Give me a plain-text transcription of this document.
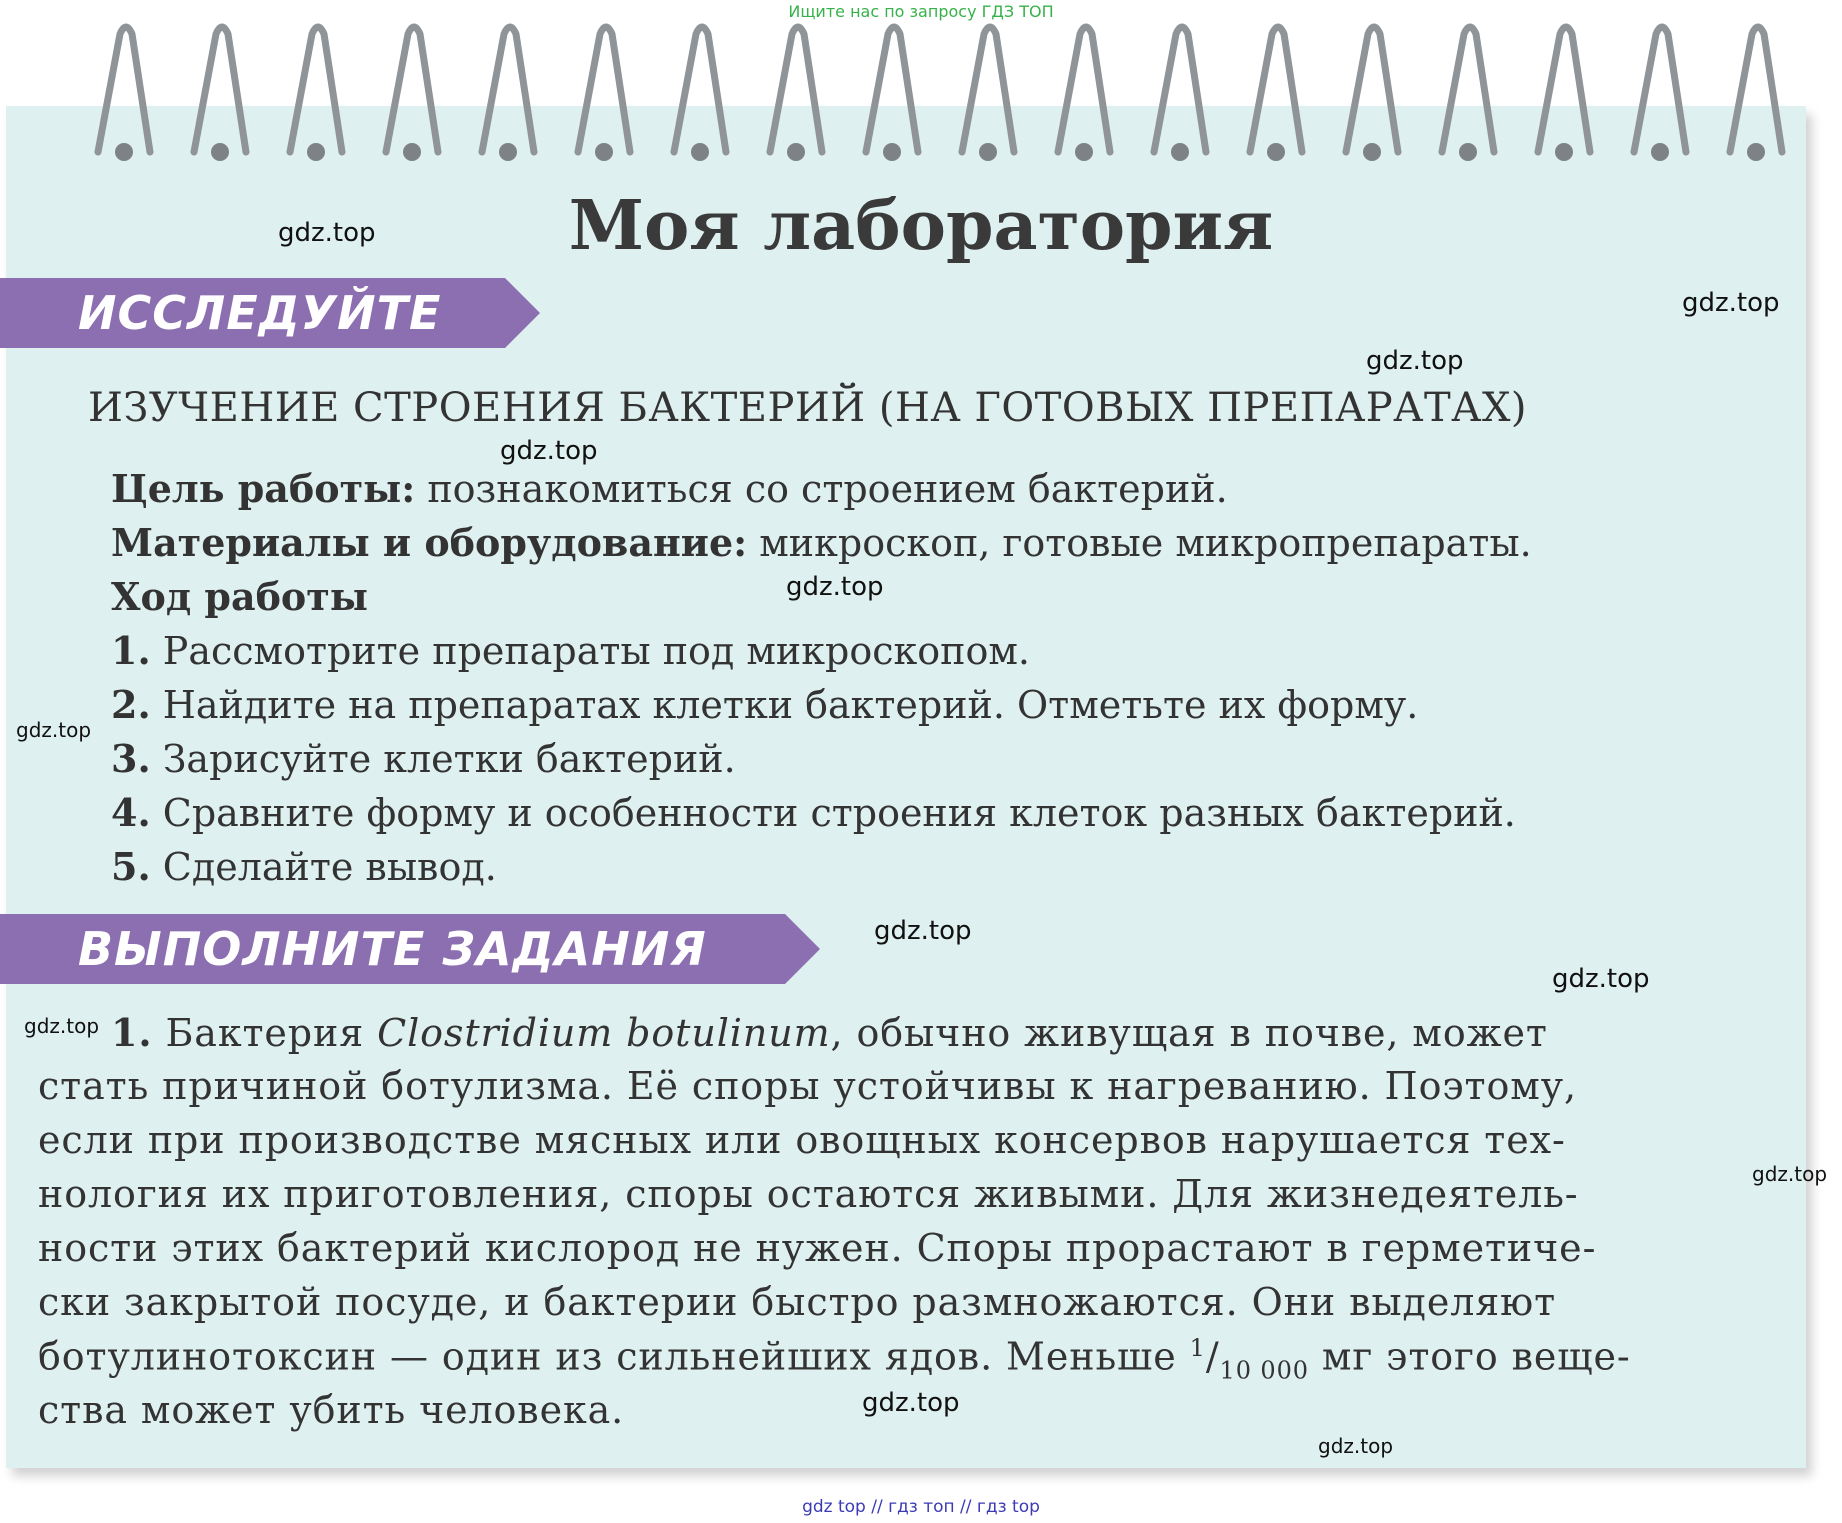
Ищите нас по запросу ГДЗ ТОП
Моя лаборатория
ИССЛЕДУЙТЕ
ИЗУЧЕНИЕ СТРОЕНИЯ БАКТЕРИЙ (НА ГОТОВЫХ ПРЕПАРАТАХ)
Цель работы: познакомиться со строением бактерий.
Материалы и оборудование: микроскоп, готовые микропрепараты.
Ход работы
1. Рассмотрите препараты под микроскопом.
2. Найдите на препаратах клетки бактерий. Отметьте их форму.
3. Зарисуйте клетки бактерий.
4. Сравните форму и особенности строения клеток разных бактерий.
5. Сделайте вывод.
ВЫПОЛНИТЕ ЗАДАНИЯ
1. Бактерия Clostridium botulinum, обычно живущая в почве, может
стать причиной ботулизма. Её споры устойчивы к нагреванию. Поэтому,
если при производстве мясных или овощных консервов нарушается тех-
нология их приготовления, споры остаются живыми. Для жизнедеятель-
ности этих бактерий кислород не нужен. Споры прорастают в герметиче-
ски закрытой посуде, и бактерии быстро размножаются. Они выделяют
ботулинотоксин — один из сильнейших ядов. Меньше $^1/_{10 000}$ мг этого веще-
ства может убить человека.
gdz.top
gdz.top
gdz.top
gdz.top
gdz.top
gdz.top
gdz.top
gdz.top
gdz.top
gdz.top
gdz.top
gdz.top
gdz top // гдз топ // гдз top
